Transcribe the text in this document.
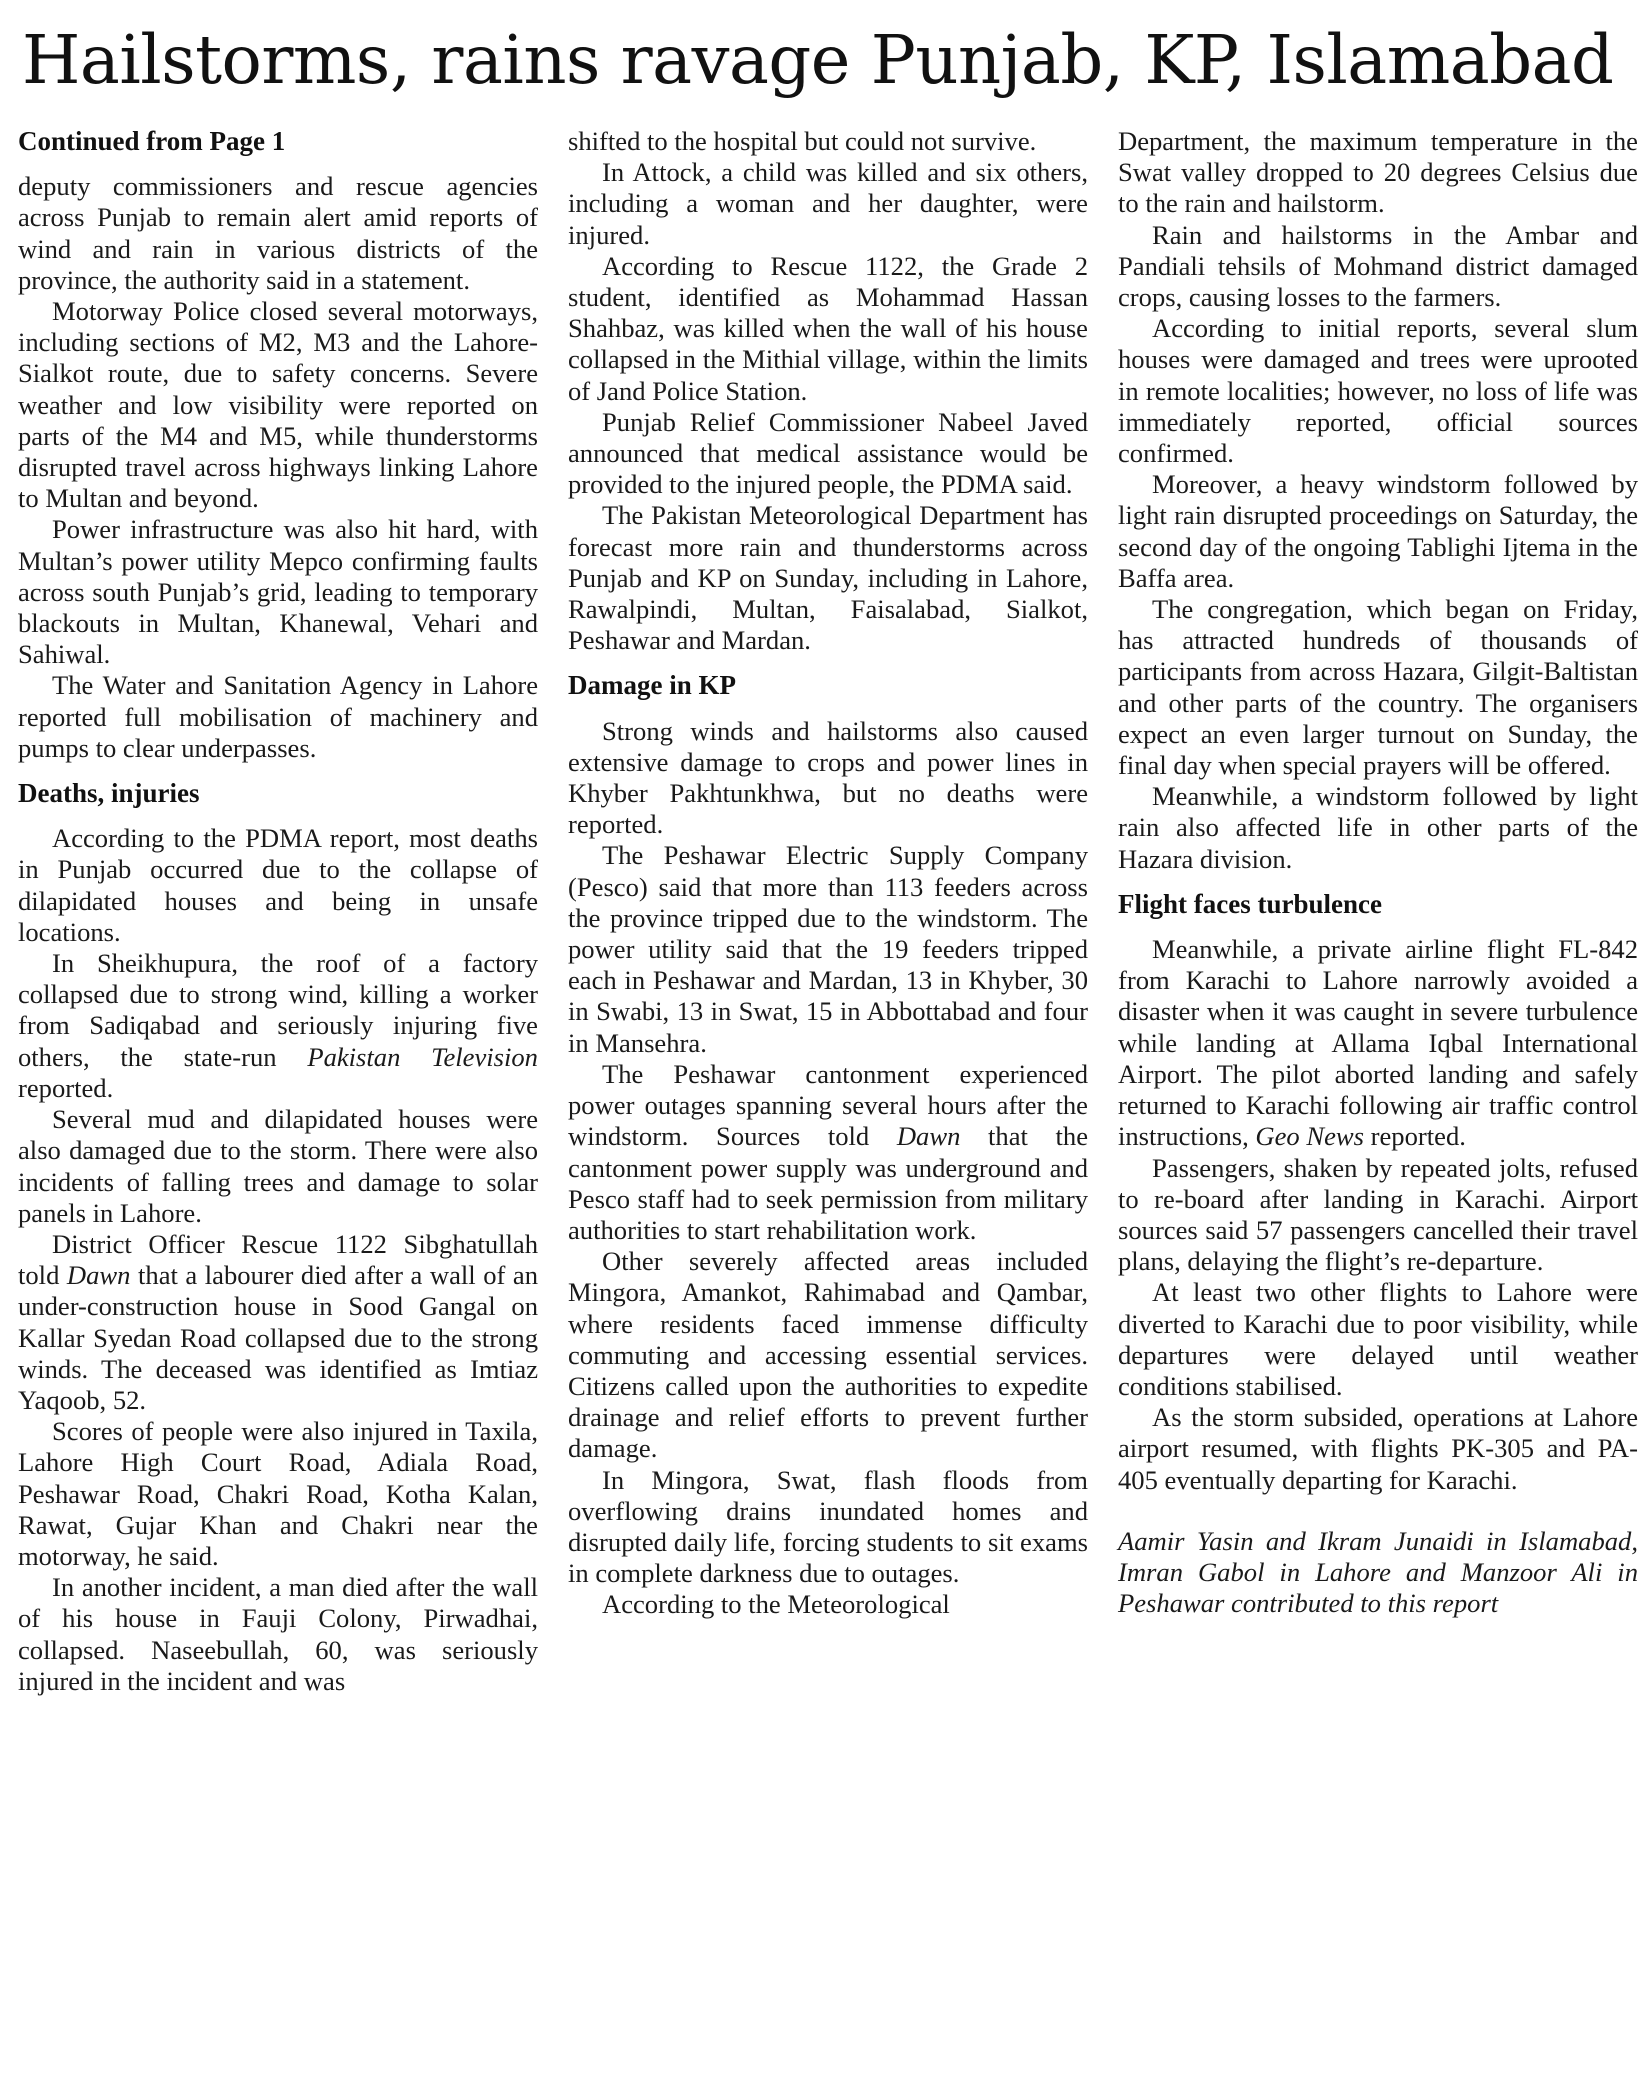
Hailstorms, rains ravage Punjab, KP, Islamabad
Continued from Page 1

deputy commissioners and rescue agencies across Punjab to remain alert amid reports of wind and rain in various districts of the province, the authority said in a statement.

Motorway Police closed several motorways, including sections of M2, M3 and the Lahore-Sialkot route, due to safety concerns. Severe weather and low visibility were reported on parts of the M4 and M5, while thunderstorms disrupted travel across highways linking Lahore to Multan and beyond.

Power infrastructure was also hit hard, with Multan’s power utility Mepco confirming faults across south Punjab’s grid, leading to temporary blackouts in Multan, Khanewal, Vehari and Sahiwal.

The Water and Sanitation Agency in Lahore reported full mobilisation of machinery and pumps to clear underpasses.

Deaths, injuries

According to the PDMA report, most deaths in Punjab occurred due to the collapse of dilapidated houses and being in unsafe locations.

In Sheikhupura, the roof of a factory collapsed due to strong wind, killing a worker from Sadiqabad and seriously injuring five others, the state-run Pakistan Television reported.

Several mud and dilapidated houses were also damaged due to the storm. There were also incidents of falling trees and damage to solar panels in Lahore.

District Officer Rescue 1122 Sibghatullah told Dawn that a labourer died after a wall of an under-construction house in Sood Gangal on Kallar Syedan Road collapsed due to the strong winds. The deceased was identified as Imtiaz Yaqoob, 52.

Scores of people were also injured in Taxila, Lahore High Court Road, Adiala Road, Peshawar Road, Chakri Road, Kotha Kalan, Rawat, Gujar Khan and Chakri near the motorway, he said.

In another incident, a man died after the wall of his house in Fauji Colony, Pirwadhai, collapsed. Naseebullah, 60, was seriously injured in the incident and was

shifted to the hospital but could not survive.

In Attock, a child was killed and six others, including a woman and her daughter, were injured.

According to Rescue 1122, the Grade 2 student, identified as Mohammad Hassan Shahbaz, was killed when the wall of his house collapsed in the Mithial village, within the limits of Jand Police Station.

Punjab Relief Commissioner Nabeel Javed announced that medical assistance would be provided to the injured people, the PDMA said.

The Pakistan Meteorological Department has forecast more rain and thunderstorms across Punjab and KP on Sunday, including in Lahore, Rawalpindi, Multan, Faisalabad, Sialkot, Peshawar and Mardan.

Damage in KP

Strong winds and hailstorms also caused extensive damage to crops and power lines in Khyber Pakhtunkhwa, but no deaths were reported.

The Peshawar Electric Supply Company (Pesco) said that more than 113 feeders across the province tripped due to the windstorm. The power utility said that the 19 feeders tripped each in Peshawar and Mardan, 13 in Khyber, 30 in Swabi, 13 in Swat, 15 in Abbottabad and four in Mansehra.

The Peshawar cantonment experienced power outages spanning several hours after the windstorm. Sources told Dawn that the cantonment power supply was underground and Pesco staff had to seek permission from military authorities to start rehabilitation work.

Other severely affected areas included Mingora, Amankot, Rahimabad and Qambar, where residents faced immense difficulty commuting and accessing essential services. Citizens called upon the authorities to expedite drainage and relief efforts to prevent further damage.

In Mingora, Swat, flash floods from overflowing drains inundated homes and disrupted daily life, forcing students to sit exams in complete darkness due to outages.

According to the Meteorological

Department, the maximum temperature in the Swat valley dropped to 20 degrees Celsius due to the rain and hailstorm.

Rain and hailstorms in the Ambar and Pandiali tehsils of Mohmand district damaged crops, causing losses to the farmers.

According to initial reports, several slum houses were damaged and trees were uprooted in remote localities; however, no loss of life was immediately reported, official sources confirmed.

Moreover, a heavy windstorm followed by light rain disrupted proceedings on Saturday, the second day of the ongoing Tablighi Ijtema in the Baffa area.

The congregation, which began on Friday, has attracted hundreds of thousands of participants from across Hazara, Gilgit-Baltistan and other parts of the country. The organisers expect an even larger turnout on Sunday, the final day when special prayers will be offered.

Meanwhile, a windstorm followed by light rain also affected life in other parts of the Hazara division.

Flight faces turbulence

Meanwhile, a private airline flight FL-842 from Karachi to Lahore narrowly avoided a disaster when it was caught in severe turbulence while landing at Allama Iqbal International Airport. The pilot aborted landing and safely returned to Karachi following air traffic control instructions, Geo News reported.

Passengers, shaken by repeated jolts, refused to re-board after landing in Karachi. Airport sources said 57 passengers cancelled their travel plans, delaying the flight’s re-departure.

At least two other flights to Lahore were diverted to Karachi due to poor visibility, while departures were delayed until weather conditions stabilised.

As the storm subsided, operations at Lahore airport resumed, with flights PK-305 and PA-405 eventually departing for Karachi.

Aamir Yasin and Ikram Junaidi in Islamabad, Imran Gabol in Lahore and Manzoor Ali in Peshawar contributed to this report
